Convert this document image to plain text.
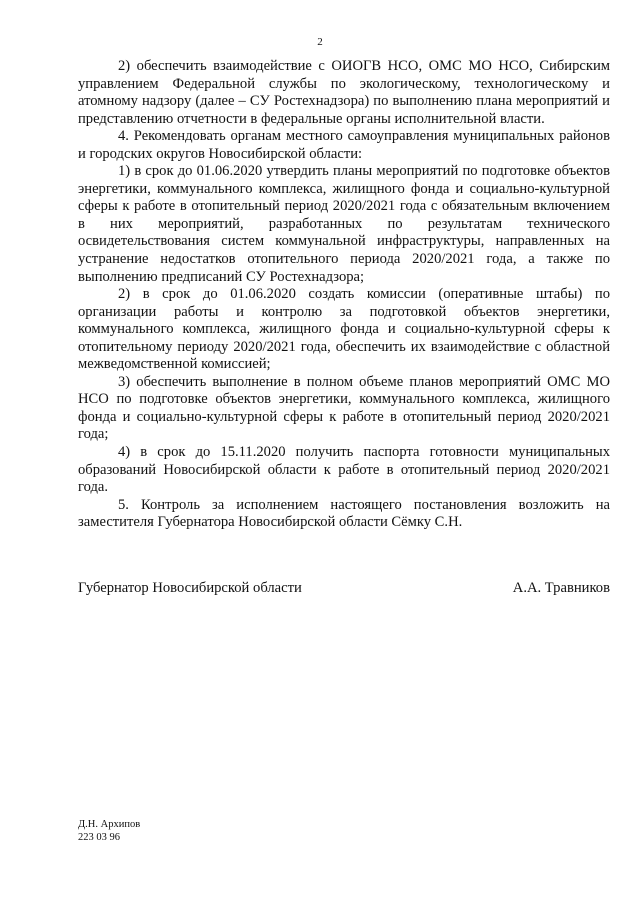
2

2) обеспечить взаимодействие с ОИОГВ НСО, ОМС МО НСО, Сибирским управлением Федеральной службы по экологическому, технологическому и атомному надзору (далее – СУ Ростехнадзора) по выполнению плана мероприятий и представлению отчетности в федеральные органы исполнительной власти.

4. Рекомендовать органам местного самоуправления муниципальных районов и городских округов Новосибирской области:

1) в срок до 01.06.2020 утвердить планы мероприятий по подготовке объектов энергетики, коммунального комплекса, жилищного фонда и социально-культурной сферы к работе в отопительный период 2020/2021 года с обязательным включением в них мероприятий, разработанных по результатам технического освидетельствования систем коммунальной инфраструктуры, направленных на устранение недостатков отопительного периода 2020/2021 года, а также по выполнению предписаний СУ Ростехнадзора;

2) в срок до 01.06.2020 создать комиссии (оперативные штабы) по организации работы и контролю за подготовкой объектов энергетики, коммунального комплекса, жилищного фонда и социально-культурной сферы к отопительному периоду 2020/2021 года, обеспечить их взаимодействие с областной межведомственной комиссией;

3) обеспечить выполнение в полном объеме планов мероприятий ОМС МО НСО по подготовке объектов энергетики, коммунального комплекса, жилищного фонда и социально-культурной сферы к работе в отопительный период 2020/2021 года;

4) в срок до 15.11.2020 получить паспорта готовности муниципальных образований Новосибирской области к работе в отопительный период 2020/2021 года.

5. Контроль за исполнением настоящего постановления возложить на заместителя Губернатора Новосибирской области Сёмку С.Н.

Губернатор Новосибирской области	А.А. Травников
Д.Н. Архипов
223 03 96
